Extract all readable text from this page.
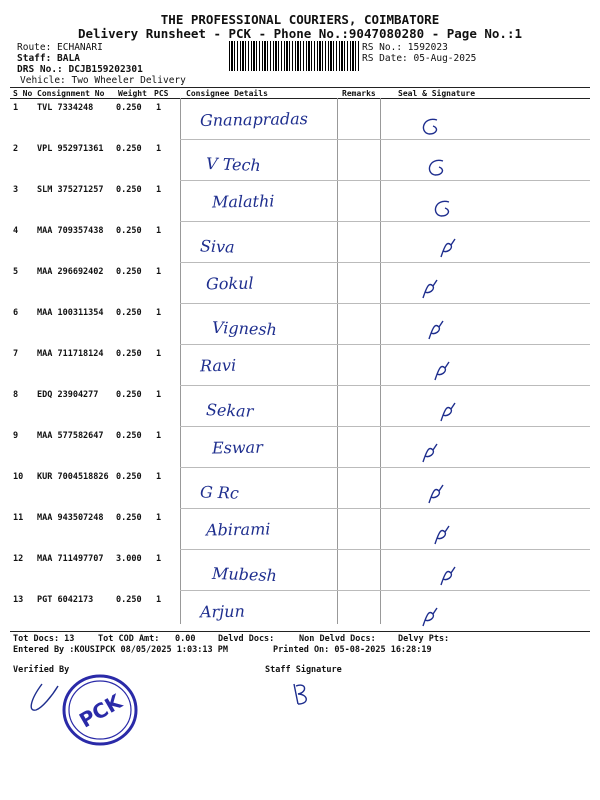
THE PROFESSIONAL COURIERS, COIMBATORE
Delivery Runsheet - PCK - Phone No.:9047080280 - Page No.:1
Route: ECHANARI
Staff: BALA
DRS No.: DCJB159202301
Vehicle: Two Wheeler Delivery
RS No.: 1592023
RS Date: 05-Aug-2025
S No Consignment No Weight PCS Consignee Details	Remarks	Seal & Signature
1 TVL 7334248	0.250 1
Gnanapradas
2 VPL 952971361 0.250 1
V Tech
3 SLM 375271257 0.250 1
Malathi
4 MAA 709357438 0.250 1
Siva
5 MAA 296692402 0.250 1
Gokul
6 MAA 100311354 0.250 1
Vignesh
7 MAA 711718124 0.250 1
Ravi
8 EDQ 23904277 0.250 1
Sekar
9 MAA 577582647 0.250 1
Eswar
10 KUR 7004518826 0.250 1
G Rc
11 MAA 943507248 0.250 1
Abirami
12 MAA 711497707 3.000 1
Mubesh
13 PGT 6042173	0.250 1
Arjun
Tot Docs: 13	Tot COD Amt: 0.00	Delvd Docs:	Non Delvd Docs:	Delvy Pts:
Entered By :KOUSIPCK 08/05/2025 1:03:13 PM	Printed On: 05-08-2025 16:28:19
Verified By	Staff Signature
PCK
